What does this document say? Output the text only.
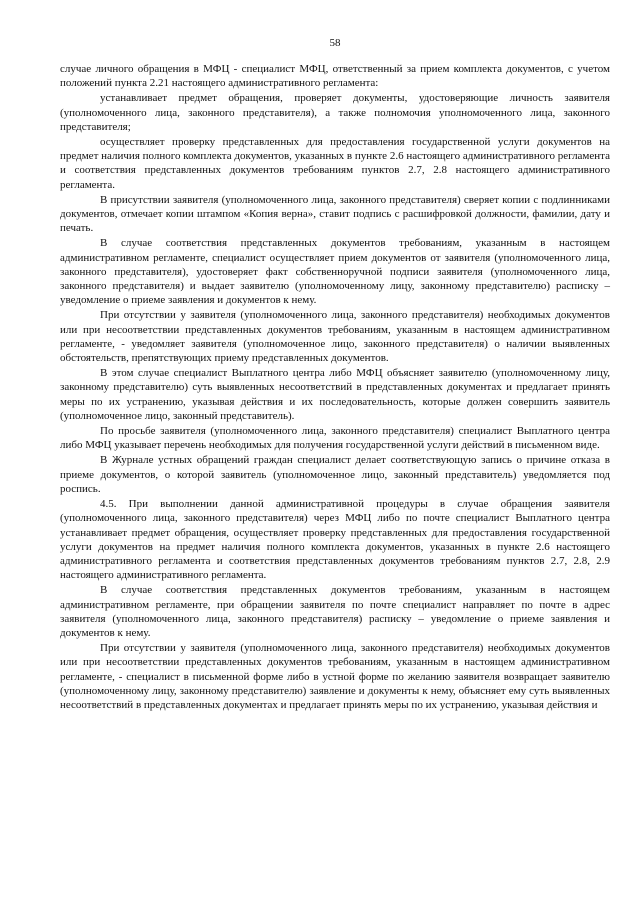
58

случае личного обращения в МФЦ - специалист МФЦ, ответственный за прием комплекта документов, с учетом положений пункта 2.21 настоящего административного регламента:

устанавливает предмет обращения, проверяет документы, удостоверяющие личность заявителя (уполномоченного лица, законного представителя), а также полномочия уполномоченного лица, законного представителя;

осуществляет проверку представленных для предоставления государственной услуги документов на предмет наличия полного комплекта документов, указанных в пункте 2.6 настоящего административного регламента и соответствия представленных документов требованиям пунктов 2.7, 2.8 настоящего административного регламента.

В присутствии заявителя (уполномоченного лица, законного представителя) сверяет копии с подлинниками документов, отмечает копии штампом «Копия верна», ставит подпись с расшифровкой должности, фамилии, дату и печать.

В случае соответствия представленных документов требованиям, указанным в настоящем административном регламенте, специалист осуществляет прием документов от заявителя (уполномоченного лица, законного представителя), удостоверяет факт собственноручной подписи заявителя (уполномоченного лица, законного представителя) и выдает заявителю (уполномоченному лицу, законному представителю) расписку – уведомление о приеме заявления и документов к нему.

При отсутствии у заявителя (уполномоченного лица, законного представителя) необходимых документов или при несоответствии представленных документов требованиям, указанным в настоящем административном регламенте, - уведомляет заявителя (уполномоченное лицо, законного представителя) о наличии выявленных обстоятельств, препятствующих приему представленных документов.

В этом случае специалист Выплатного центра либо МФЦ объясняет заявителю (уполномоченному лицу, законному представителю) суть выявленных несоответствий в представленных документах и предлагает принять меры по их устранению, указывая действия и их последовательность, которые должен совершить заявитель (уполномоченное лицо, законный представитель).

По просьбе заявителя (уполномоченного лица, законного представителя) специалист Выплатного центра либо МФЦ указывает перечень необходимых для получения государственной услуги действий в письменном виде.

В Журнале устных обращений граждан специалист делает соответствующую запись о причине отказа в приеме документов, о которой заявитель (уполномоченное лицо, законный представитель) уведомляется под роспись.

4.5. При выполнении данной административной процедуры в случае обращения заявителя (уполномоченного лица, законного представителя) через МФЦ либо по почте специалист Выплатного центра устанавливает предмет обращения, осуществляет проверку представленных для предоставления государственной услуги документов на предмет наличия полного комплекта документов, указанных в пункте 2.6 настоящего административного регламента и соответствия представленных документов требованиям пунктов 2.7, 2.8, 2.9 настоящего административного регламента.

В случае соответствия представленных документов требованиям, указанным в настоящем административном регламенте, при обращении заявителя по почте специалист направляет по почте в адрес заявителя (уполномоченного лица, законного представителя) расписку – уведомление о приеме заявления и документов к нему.

При отсутствии у заявителя (уполномоченного лица, законного представителя) необходимых документов или при несоответствии представленных документов требованиям, указанным в настоящем административном регламенте, - специалист в письменной форме либо в устной форме по желанию заявителя возвращает заявителю (уполномоченному лицу, законному представителю) заявление и документы к нему, объясняет ему суть выявленных несоответствий в представленных документах и предлагает принять меры по их устранению, указывая действия и
